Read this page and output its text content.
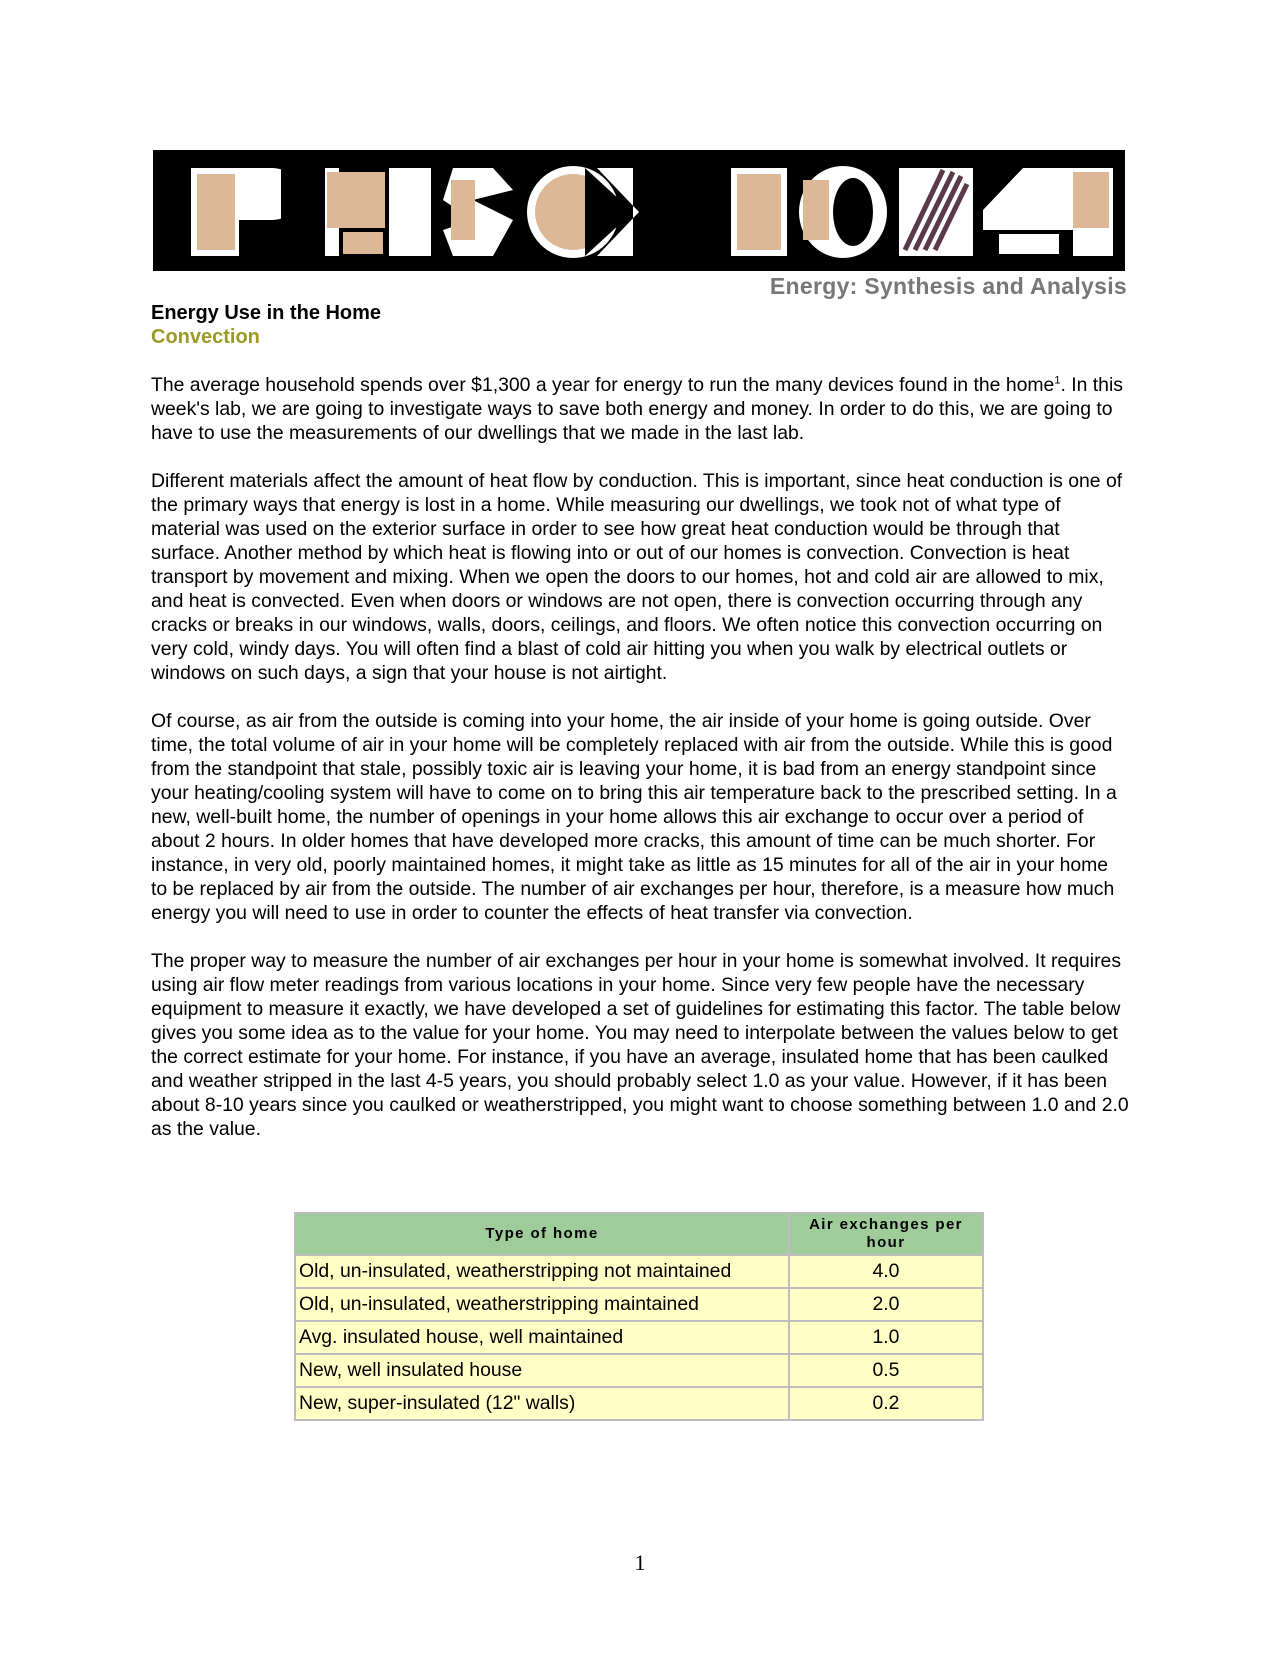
Energy: Synthesis and Analysis
Energy Use in the Home
Convection

The average household spends over $1,300 a year for energy to run the many devices found in the home$^1$. In this week's lab, we are going to investigate ways to save both energy and money. In order to do this, we are going to have to use the measurements of our dwellings that we made in the last lab.

Different materials affect the amount of heat flow by conduction. This is important, since heat conduction is one of the primary ways that energy is lost in a home. While measuring our dwellings, we took not of what type of material was used on the exterior surface in order to see how great heat conduction would be through that surface. Another method by which heat is flowing into or out of our homes is convection. Convection is heat transport by movement and mixing. When we open the doors to our homes, hot and cold air are allowed to mix, and heat is convected. Even when doors or windows are not open, there is convection occurring through any cracks or breaks in our windows, walls, doors, ceilings, and floors. We often notice this convection occurring on very cold, windy days. You will often find a blast of cold air hitting you when you walk by electrical outlets or windows on such days, a sign that your house is not airtight.

Of course, as air from the outside is coming into your home, the air inside of your home is going outside. Over time, the total volume of air in your home will be completely replaced with air from the outside. While this is good from the standpoint that stale, possibly toxic air is leaving your home, it is bad from an energy standpoint since your heating/cooling system will have to come on to bring this air temperature back to the prescribed setting. In a new, well-built home, the number of openings in your home allows this air exchange to occur over a period of about 2 hours. In older homes that have developed more cracks, this amount of time can be much shorter. For instance, in very old, poorly maintained homes, it might take as little as 15 minutes for all of the air in your home to be replaced by air from the outside. The number of air exchanges per hour, therefore, is a measure how much energy you will need to use in order to counter the effects of heat transfer via convection.

The proper way to measure the number of air exchanges per hour in your home is somewhat involved. It requires using air flow meter readings from various locations in your home. Since very few people have the necessary equipment to measure it exactly, we have developed a set of guidelines for estimating this factor. The table below gives you some idea as to the value for your home. You may need to interpolate between the values below to get the correct estimate for your home. For instance, if you have an average, insulated home that has been caulked and weather stripped in the last 4-5 years, you should probably select 1.0 as your value. However, if it has been about 8-10 years since you caulked or weatherstripped, you might want to choose something between 1.0 and 2.0 as the value.

Type of home	Air exchanges per hour
Old, un-insulated, weatherstripping not maintained	4.0
Old, un-insulated, weatherstripping maintained	2.0
Avg. insulated house, well maintained	1.0
New, well insulated house	0.5
New, super-insulated (12" walls)	0.2
1
